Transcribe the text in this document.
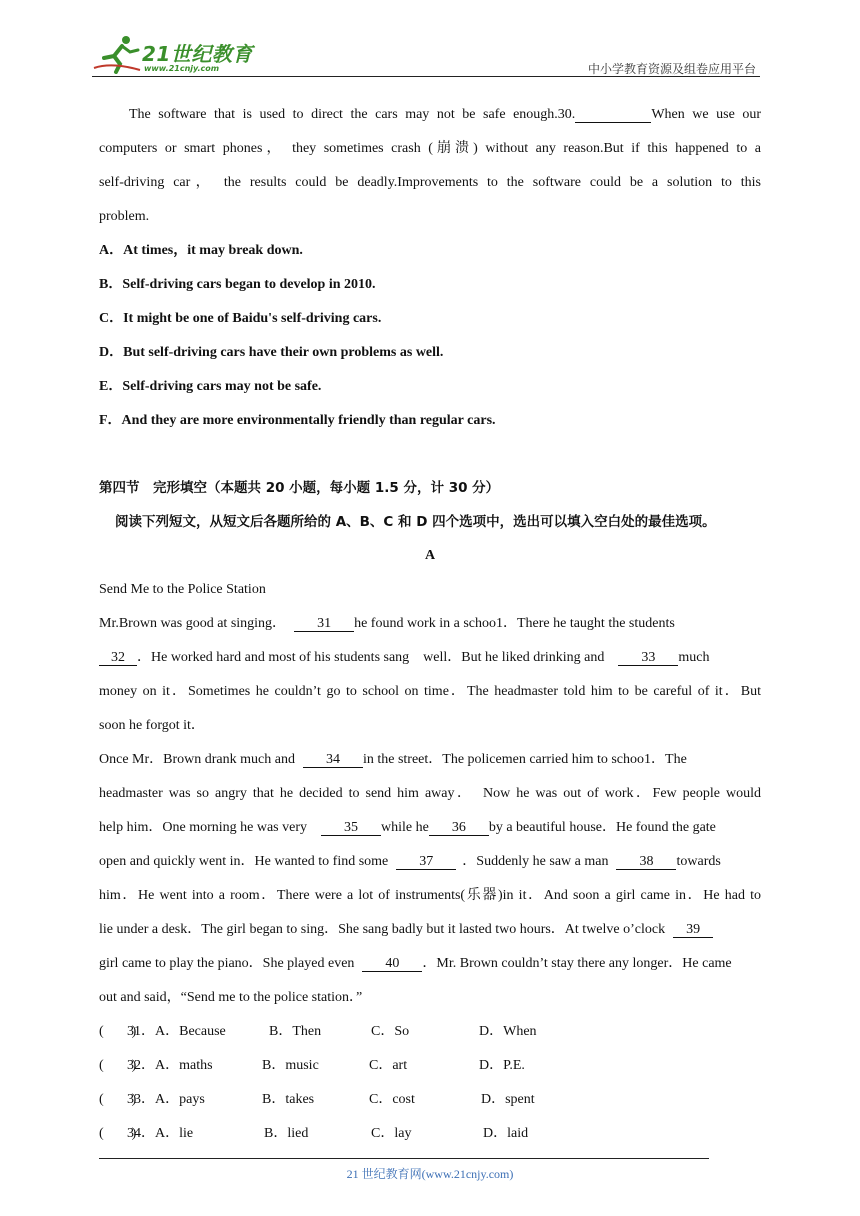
21世纪教育
www.21cnjy.com	中小学教育资源及组卷应用平台
The software that is used to direct the cars may not be safe enough.30.	When we use our
computers or smart phones， they sometimes crash (崩溃) without any reason.But if this happened to a
self-driving car， the results could be deadly.Improvements to the software could be a solution to this
problem.
A．At times，it may break down.
B．Self-driving cars began to develop in 2010.
C．It might be one of Baidu's self-driving cars.
D．But self-driving cars have their own problems as well.
E．Self-driving cars may not be safe.
F．And they are more environmentally friendly than regular cars.
第四节　完形填空（本题共 20 小题，每小题 1.5 分，计 30 分）
阅读下列短文，从短文后各题所给的 A、B、C 和 D 四个选项中，选出可以填入空白处的最佳选项。
A
Send Me to the Police Station
Mr.Brown was good at singing． 31 he found work in a schoo1．There he taught the students
32 ．He worked hard and most of his students sang　well．But he liked drinking and	33 much
money on it．Sometimes he couldn’t go to school on time．The headmaster told him to be careful of it．But
soon he forgot it．
Once Mr．Brown drank much and 34 in the street．The policemen carried him to schoo1．The
headmaster was so angry that he decided to send him away．　Now he was out of work．Few people would
help him．One morning he was very	35 while he 36 by a beautiful house．He found the gate
open and quickly went in．He wanted to find some 37 ．Suddenly he saw a man 38 towards
him．He went into a room．There were a lot of instruments(乐器)in it．And soon a girl came in．He had to
lie under a desk．The girl began to sing．She sang badly but it lasted two hours．At twelve o’clock 39
girl came to play the piano．She played even 40 ．Mr. Brown couldn’t stay there any longer．He came
out and said，“Send me to the police station．”
(　　)
31．A．Because	B．Then	C．So	D．When
(　　)
32．A．maths	B．music	C．art	D．P.E.
(　　)
33．A．pays	B．takes	C．cost	D．spent
(　　)
34．A．lie	B．lied	C．lay	D．laid
21 世纪教育网(www.21cnjy.com)
